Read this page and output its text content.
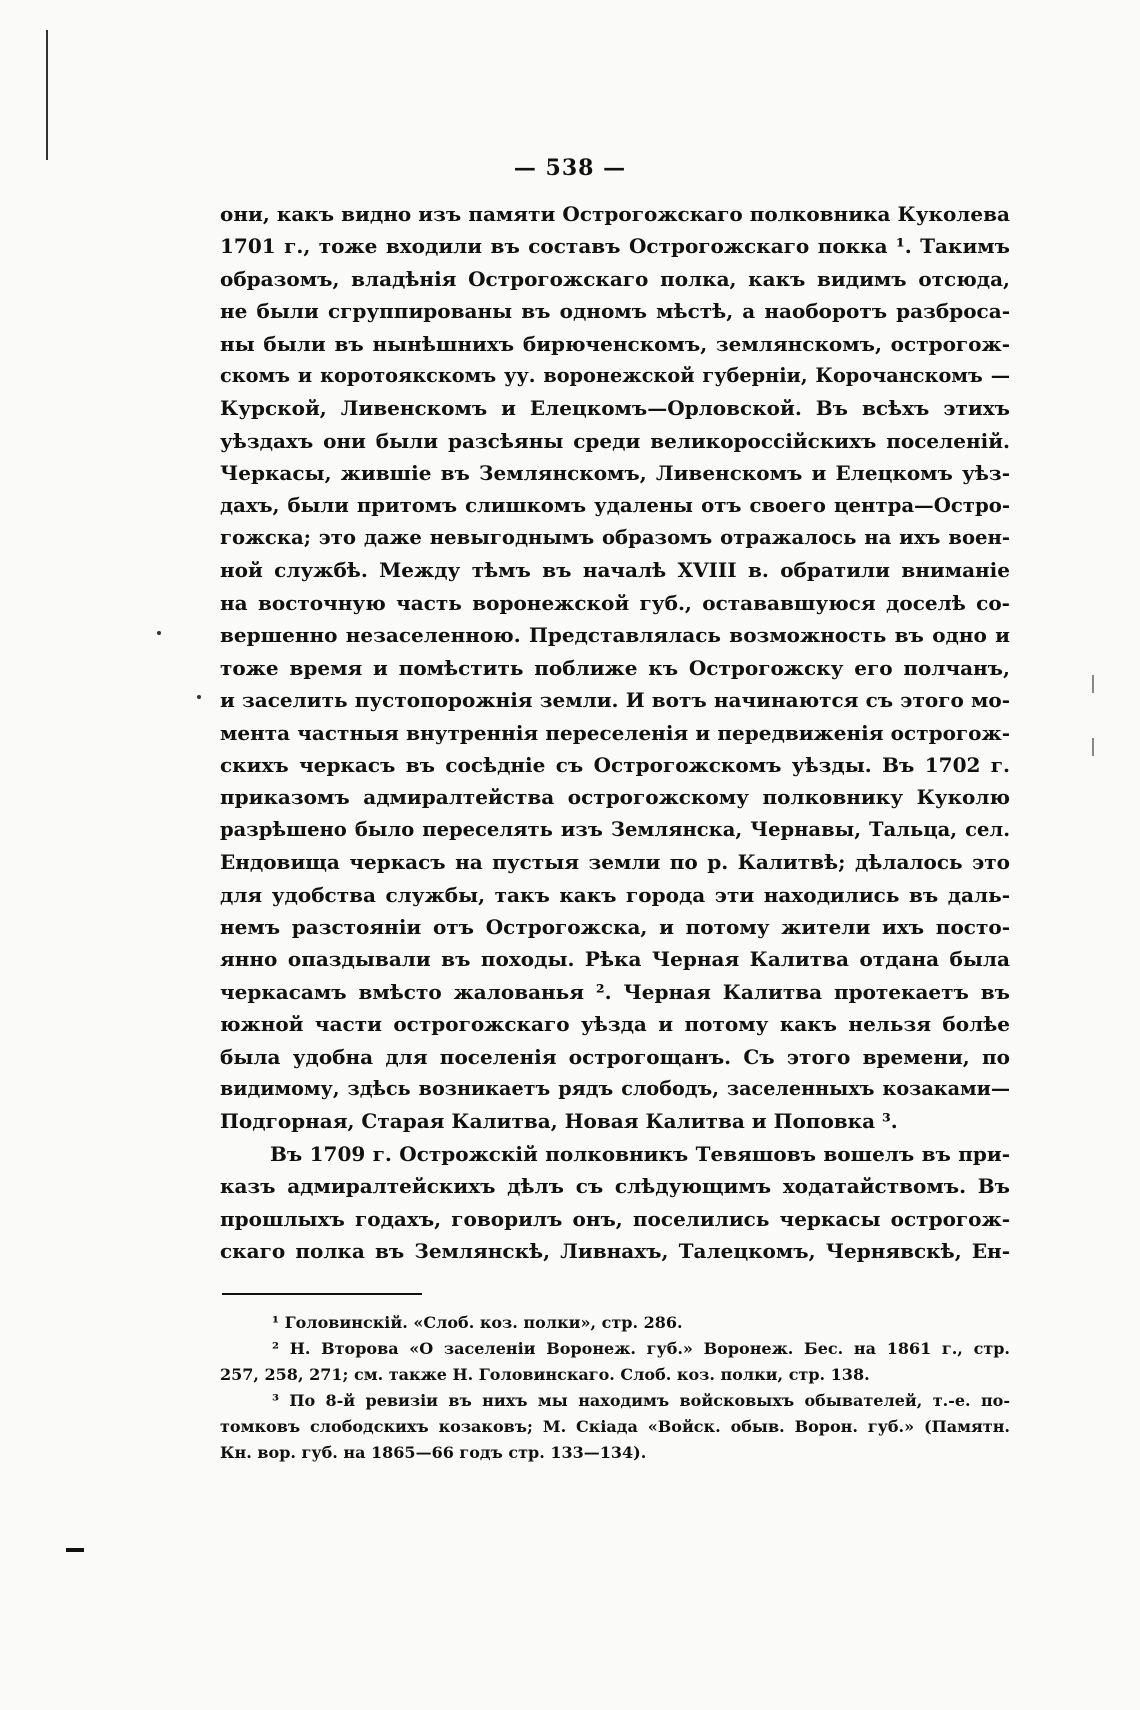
— 538 —
они, какъ видно изъ памяти Острогожскаго полковника Куколева
1701 г., тоже входили въ составъ Острогожскаго покка ¹. Такимъ
образомъ, владѣнія Острогожскаго полка, какъ видимъ отсюда,
не были сгруппированы въ одномъ мѣстѣ, а наоборотъ разброса-
ны были въ нынѣшнихъ бирюченскомъ, землянскомъ, острогож-
скомъ и коротоякскомъ уу. воронежской губерніи, Корочанскомъ —
Курской, Ливенскомъ и Елецкомъ—Орловской. Въ всѣхъ этихъ
уѣздахъ они были разсѣяны среди великороссійскихъ поселеній.
Черкасы, жившіе въ Землянскомъ, Ливенскомъ и Елецкомъ уѣз-
дахъ, были притомъ слишкомъ удалены отъ своего центра—Остро-
гожска; это даже невыгоднымъ образомъ отражалось на ихъ воен-
ной службѣ. Между тѣмъ въ началѣ XVIII в. обратили вниманіе
на восточную часть воронежской губ., остававшуюся доселѣ со-
вершенно незаселенною. Представлялась возможность въ одно и
тоже время и помѣстить поближе къ Острогожску его полчанъ,
и заселить пустопорожнія земли. И вотъ начинаются съ этого мо-
мента частныя внутреннія переселенія и передвиженія острогож-
скихъ черкасъ въ сосѣдніе съ Острогожскомъ уѣзды. Въ 1702 г.
приказомъ адмиралтейства острогожскому полковнику Куколю
разрѣшено было переселять изъ Землянска, Чернавы, Тальца, сел.
Ендовища черкасъ на пустыя земли по р. Калитвѣ; дѣлалось это
для удобства службы, такъ какъ города эти находились въ даль-
немъ разстояніи отъ Острогожска, и потому жители ихъ посто-
янно опаздывали въ походы. Рѣка Черная Калитва отдана была
черкасамъ вмѣсто жалованья ². Черная Калитва протекаетъ въ
южной части острогожскаго уѣзда и потому какъ нельзя болѣе
была удобна для поселенія острогощанъ. Съ этого времени, по
видимому, здѣсь возникаетъ рядъ слободъ, заселенныхъ козаками—
Подгорная, Старая Калитва, Новая Калитва и Поповка ³.
Въ 1709 г. Острожскій полковникъ Тевяшовъ вошелъ въ при-
казъ адмиралтейскихъ дѣлъ съ слѣдующимъ ходатайствомъ. Въ
прошлыхъ годахъ, говорилъ онъ, поселились черкасы острогож-
скаго полка въ Землянскѣ, Ливнахъ, Талецкомъ, Чернявскѣ, Ен-
¹ Головинскій. «Слоб. коз. полки», стр. 286.
² Н. Второва «О заселеніи Воронеж. губ.» Воронеж. Бес. на 1861 г., стр.
257, 258, 271; см. также Н. Головинскаго. Слоб. коз. полки, стр. 138.
³ По 8-й ревизіи въ нихъ мы находимъ войсковыхъ обывателей, т.-е. по-
томковъ слободскихъ козаковъ; М. Скіада «Войск. обыв. Ворон. губ.» (Памятн.
Кн. вор. губ. на 1865—66 годъ стр. 133—134).
